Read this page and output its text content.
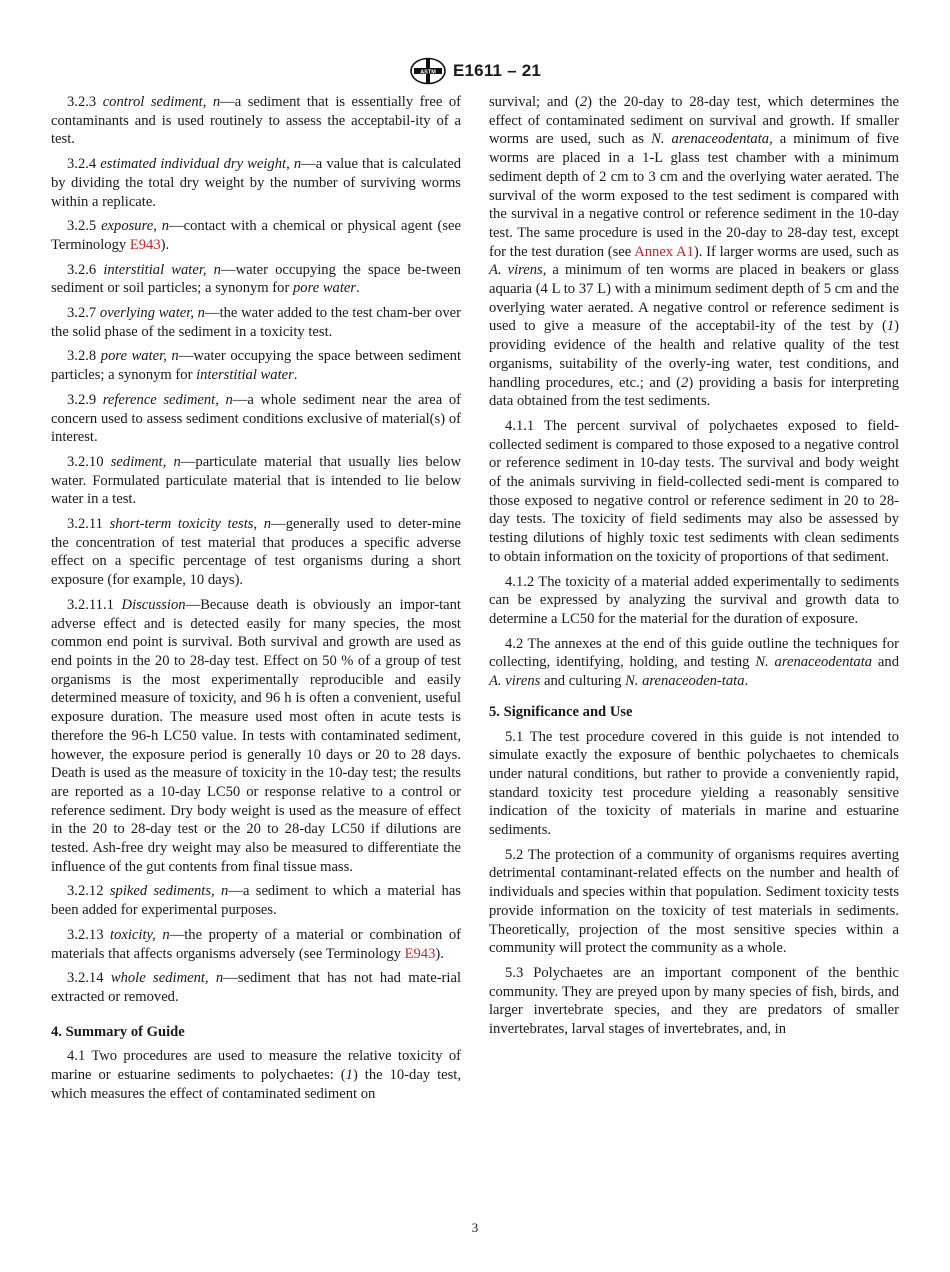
ASTM E1611 – 21

3.2.3 control sediment, n—a sediment that is essentially free of contaminants and is used routinely to assess the acceptabil-ity of a test.

3.2.4 estimated individual dry weight, n—a value that is calculated by dividing the total dry weight by the number of surviving worms within a replicate.

3.2.5 exposure, n—contact with a chemical or physical agent (see Terminology E943).

3.2.6 interstitial water, n—water occupying the space be-tween sediment or soil particles; a synonym for pore water.

3.2.7 overlying water, n—the water added to the test cham-ber over the solid phase of the sediment in a toxicity test.

3.2.8 pore water, n—water occupying the space between sediment particles; a synonym for interstitial water.

3.2.9 reference sediment, n—a whole sediment near the area of concern used to assess sediment conditions exclusive of material(s) of interest.

3.2.10 sediment, n—particulate material that usually lies below water. Formulated particulate material that is intended to lie below water in a test.

3.2.11 short-term toxicity tests, n—generally used to deter-mine the concentration of test material that produces a specific adverse effect on a specific percentage of test organisms during a short exposure (for example, 10 days).

3.2.11.1 Discussion—Because death is obviously an impor-tant adverse effect and is detected easily for many species, the most common end point is survival. Both survival and growth are used as end points in the 20 to 28-day test. Effect on 50 % of a group of test organisms is the most experimentally reproducible and easily determined measure of toxicity, and 96 h is often a convenient, useful exposure duration. The measure used most often in acute tests is therefore the 96-h LC50 value. In tests with contaminated sediment, however, the exposure period is generally 10 days or 20 to 28 days. Death is used as the measure of toxicity in the 10-day test; the results are reported as a 10-day LC50 or response relative to a control or reference sediment. Dry body weight is used as the measure of effect in the 20 to 28-day test or the 20 to 28-day LC50 if dilutions are tested. Ash-free dry weight may also be measured to differentiate the influence of the gut contents from final tissue mass.

3.2.12 spiked sediments, n—a sediment to which a material has been added for experimental purposes.

3.2.13 toxicity, n—the property of a material or combination of materials that affects organisms adversely (see Terminology E943).

3.2.14 whole sediment, n—sediment that has not had mate-rial extracted or removed.

4. Summary of Guide

4.1 Two procedures are used to measure the relative toxicity of marine or estuarine sediments to polychaetes: (1) the 10-day test, which measures the effect of contaminated sediment on

survival; and (2) the 20-day to 28-day test, which determines the effect of contaminated sediment on survival and growth. If smaller worms are used, such as N. arenaceodentata, a minimum of five worms are placed in a 1-L glass test chamber with a minimum sediment depth of 2 cm to 3 cm and the overlying water aerated. The survival of the worm exposed to the test sediment is compared with the survival in a negative control or reference sediment in the 10-day test. The same procedure is used in the 20-day to 28-day test, except for the test duration (see Annex A1). If larger worms are used, such as A. virens, a minimum of ten worms are placed in beakers or glass aquaria (4 L to 37 L) with a minimum sediment depth of 5 cm and the overlying water aerated. A negative control or reference sediment is used to give a measure of the acceptabil-ity of the test by (1) providing evidence of the health and relative quality of the test organisms, suitability of the overly-ing water, test conditions, and handling procedures, etc.; and (2) providing a basis for interpreting data obtained from the test sediments.

4.1.1 The percent survival of polychaetes exposed to field-collected sediment is compared to those exposed to a negative control or reference sediment in 10-day tests. The survival and body weight of the animals surviving in field-collected sedi-ment is compared to those exposed to negative control or reference sediment in 20 to 28-day tests. The toxicity of field sediments may also be assessed by testing dilutions of highly toxic test sediments with clean sediments to obtain information on the toxicity of proportions of that sediment.

4.1.2 The toxicity of a material added experimentally to sediments can be expressed by analyzing the survival and growth data to determine a LC50 for the material for the duration of exposure.

4.2 The annexes at the end of this guide outline the techniques for collecting, identifying, holding, and testing N. arenaceodentata and A. virens and culturing N. arenaceoden-tata.

5. Significance and Use

5.1 The test procedure covered in this guide is not intended to simulate exactly the exposure of benthic polychaetes to chemicals under natural conditions, but rather to provide a conveniently rapid, standard toxicity test procedure yielding a reasonably sensitive indication of the toxicity of materials in marine and estuarine sediments.

5.2 The protection of a community of organisms requires averting detrimental contaminant-related effects on the number and health of individuals and species within that population. Sediment toxicity tests provide information on the toxicity of test materials in sediments. Theoretically, projection of the most sensitive species within a community will protect the community as a whole.

5.3 Polychaetes are an important component of the benthic community. They are preyed upon by many species of fish, birds, and larger invertebrate species, and they are predators of smaller invertebrates, larval stages of invertebrates, and, in

3
